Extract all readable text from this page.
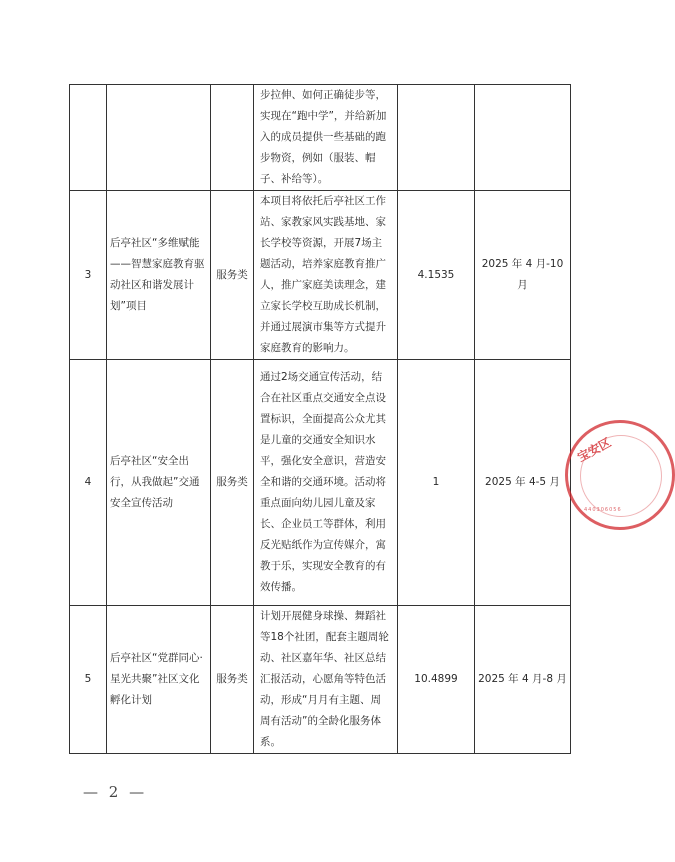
			步拉伸、如何正确徒步等，实现在“跑中学”，并给新加入的成员提供一些基础的跑步物资，例如（服装、帽子、补给等）。		

3	后亭社区“多维赋能——智慧家庭教育驱动社区和谐发展计划”项目	服务类	本项目将依托后亭社区工作站、家教家风实践基地、家长学校等资源，开展7场主题活动，培养家庭教育推广人，推广家庭美读理念，建立家长学校互助成长机制，并通过展演市集等方式提升家庭教育的影响力。	4.1535	2025 年 4 月-10 月
4	后亭社区“安全出行，从我做起”交通安全宣传活动	服务类	通过2场交通宣传活动，结合在社区重点交通安全点设置标识，全面提高公众尤其是儿童的交通安全知识水平，强化安全意识，营造安全和谐的交通环境。活动将重点面向幼儿园儿童及家长、企业员工等群体，利用反光贴纸作为宣传媒介，寓教于乐，实现安全教育的有效传播。	1	2025 年 4-5 月
5	后亭社区“党群同心·星光共聚”社区文化孵化计划	服务类	计划开展健身球操、舞蹈社等18个社团，配套主题周轮动、社区嘉年华、社区总结汇报活动，心愿角等特色活动，形成“月月有主题、周周有活动”的全龄化服务体系。	10.4899	2025 年 4 月-8 月
— 2 —
宝安区
440306056
